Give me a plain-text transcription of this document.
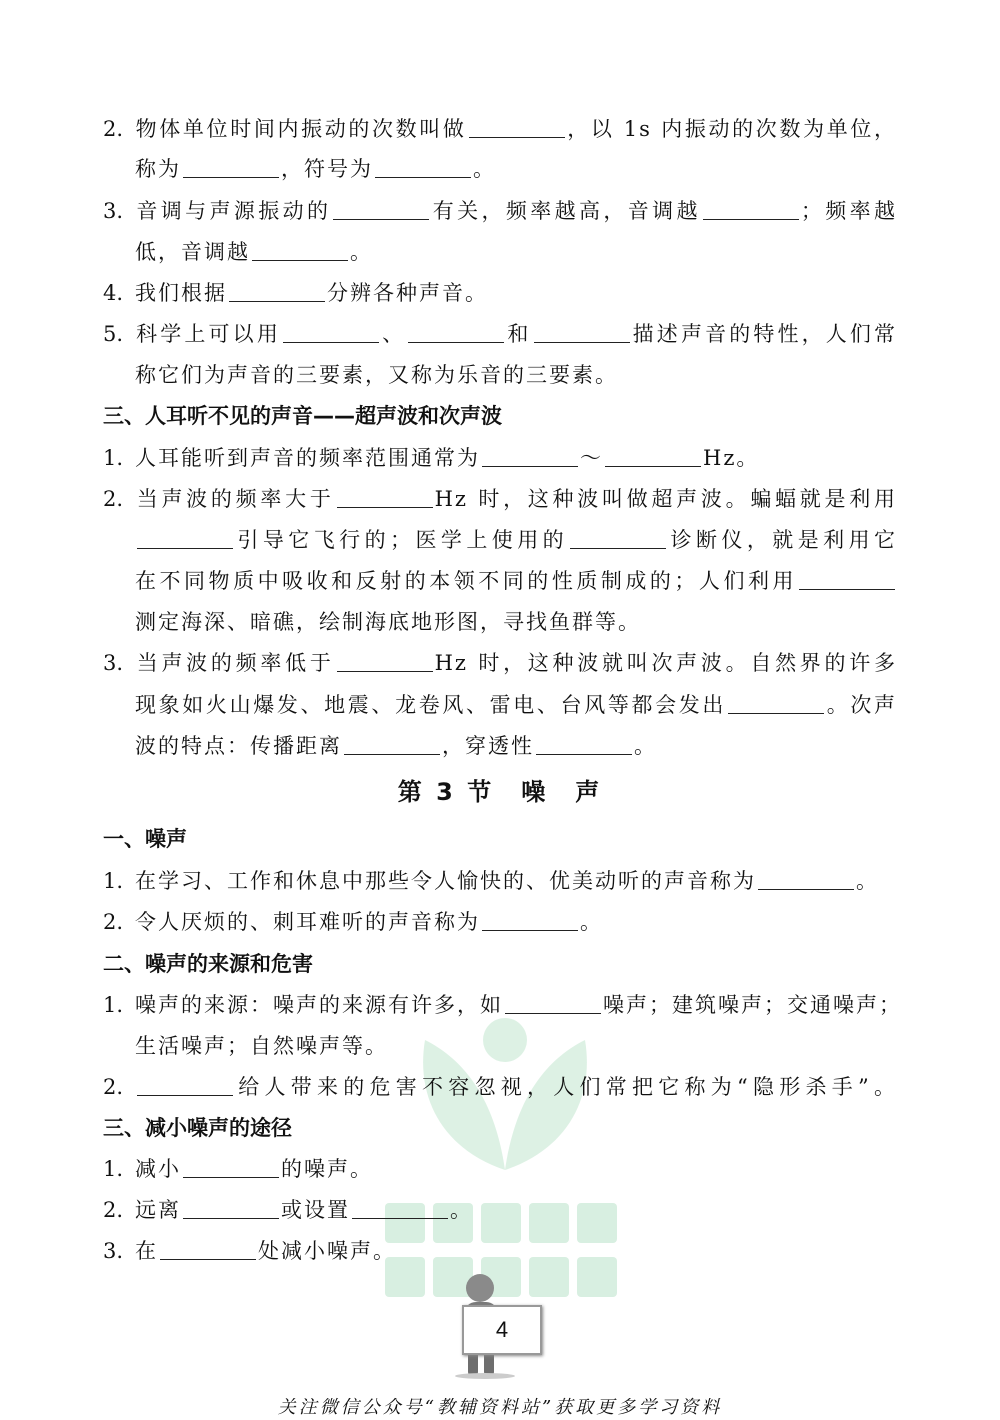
2. 物体单位时间内振动的次数叫做	，以 1s 内振动的次数为单位，
称为	，符号为	。
3. 音调与声源振动的	有关，频率越高，音调越	；频率越
低，音调越	。
4. 我们根据	分辨各种声音。
5. 科学上可以用	、	和	描述声音的特性，人们常
称它们为声音的三要素，又称为乐音的三要素。
三、人耳听不见的声音——超声波和次声波
1. 人耳能听到声音的频率范围通常为	～	Hz。
2. 当声波的频率大于	Hz 时，这种波叫做超声波。蝙蝠就是利用
引导它飞行的；医学上使用的	诊断仪，就是利用它
在不同物质中吸收和反射的本领不同的性质制成的；人们利用
测定海深、暗礁，绘制海底地形图，寻找鱼群等。
3. 当声波的频率低于	Hz 时，这种波就叫次声波。自然界的许多
现象如火山爆发、地震、龙卷风、雷电、台风等都会发出	。次声
波的特点：传播距离	，穿透性	。
第 3 节　噪　声
一、噪声
1. 在学习、工作和休息中那些令人愉快的、优美动听的声音称为	。
2. 令人厌烦的、刺耳难听的声音称为	。
二、噪声的来源和危害
1. 噪声的来源：噪声的来源有许多，如	噪声；建筑噪声；交通噪声；
生活噪声；自然噪声等。
2.	给人带来的危害不容忽视，人们常把它称为“隐形杀手”。
三、减小噪声的途径
1. 减小	的噪声。
2. 远离	或设置	。
3. 在	处减小噪声。
4
关注微信公众号“教辅资料站”获取更多学习资料
